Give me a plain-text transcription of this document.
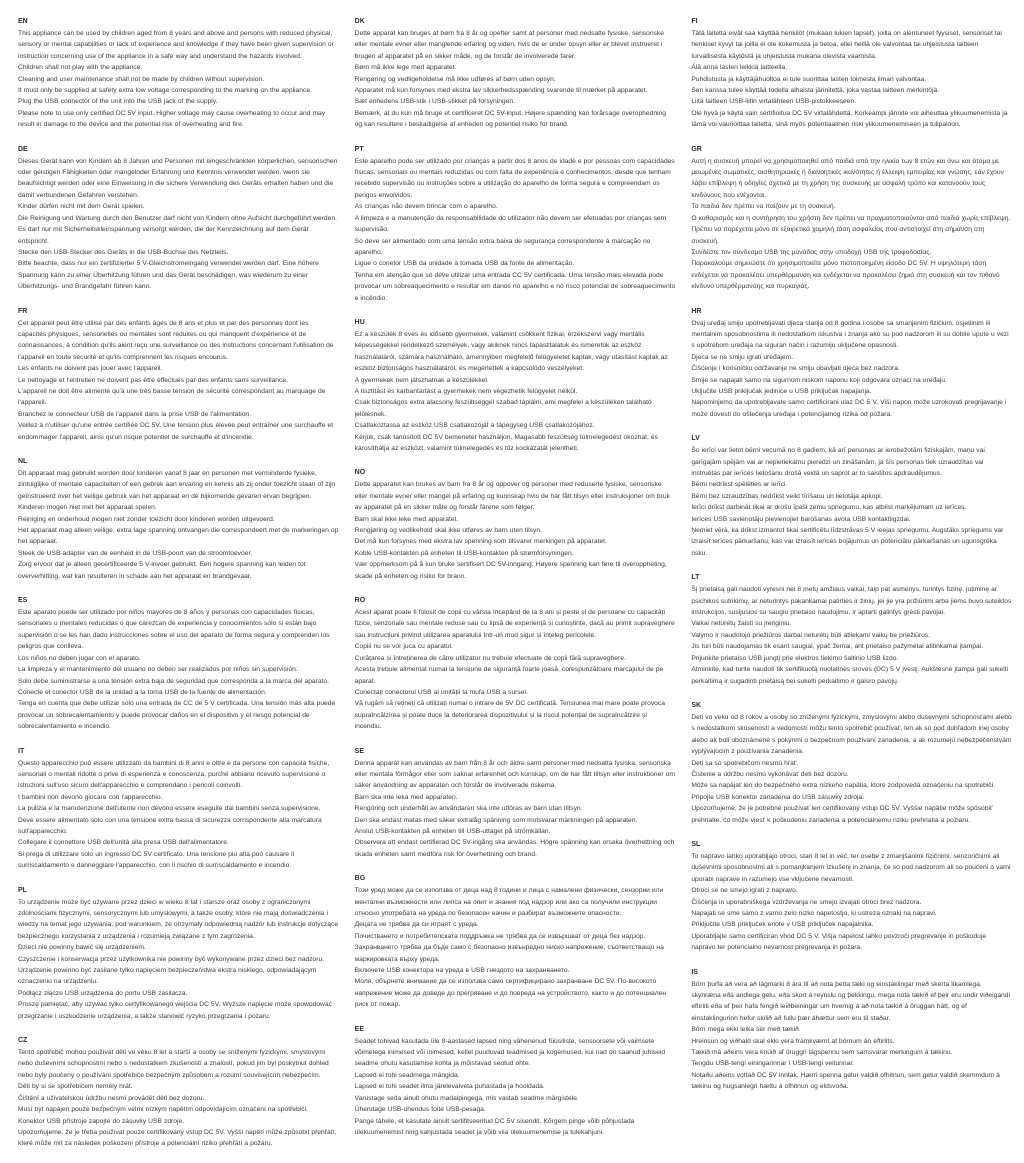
EN
This appliance can be used by children aged from 8 years and above and persons with reduced physical, sensory or mental capabilities or lack of experience and knowledge if they have been given supervision or instruction concerning use of the appliance in a safe way and understand the hazards involved.
Children shall not play with the appliance.
Cleaning and user maintenance shall not be made by children without supervision.
It must only be supplied at safety extra low voltage corresponding to the marking on the appliance.
Plug the USB connector of the unit into the USB jack of the supply.
Please note to use only certified DC 5V input. Higher voltage may cause overheating to occur and may result in damage to the device and the potential risk of overheating and fire.
DE
Dieses Gerät kann von Kindern ab 8 Jahren und Personen mit eingeschränkten körperlichen, sensorischen oder geistigen Fähigkeiten oder mangelnder Erfahrung und Kenntnis verwendet werden, wenn sie beaufsichtigt werden oder eine Einweisung in die sichere Verwendung des Geräts erhalten haben und die damit verbundenen Gefahren verstehen.
Kinder dürfen nicht mit dem Gerät spielen.
Die Reinigung und Wartung durch den Benutzer darf nicht von Kindern ohne Aufsicht durchgeführt werden.
Es darf nur mit Sicherheitskleinspannung versorgt werden, die der Kennzeichnung auf dem Gerät entspricht.
Stecke den USB-Stecker des Geräts in die USB-Buchse des Netzteils.
Bitte beachte, dass nur ein zertifizierter 5 V-Gleichstromeingang verwendet werden darf. Eine höhere Spannung kann zu einer Überhitzung führen und das Gerät beschädigen, was wiederum zu einer Überhitzungs- und Brandgefahr führen kann.
FR
Cet appareil peut être utilisé par des enfants âgés de 8 ans et plus et par des personnes dont les capacités physiques, sensorielles ou mentales sont réduites ou qui manquent d'expérience et de connaissances, à condition qu'ils aient reçu une surveillance ou des instructions concernant l'utilisation de l'appareil en toute sécurité et qu'ils comprennent les risques encourus.
Les enfants ne doivent pas jouer avec l'appareil.
Le nettoyage et l'entretien ne doivent pas être effectués par des enfants sans surveillance.
L'appareil ne doit être alimenté qu'à une très basse tension de sécurité correspondant au marquage de l'appareil.
Branchez le connecteur USB de l'appareil dans la prise USB de l'alimentation.
Veillez à n'utiliser qu'une entrée certifiée DC 5V. Une tension plus élevée peut entraîner une surchauffe et endommager l'appareil, ainsi qu'un risque potentiel de surchauffe et d'incendie.
NL
Dit apparaat mag gebruikt worden door kinderen vanaf 8 jaar en personen met verminderde fysieke, zintuiglijke of mentale capaciteiten of een gebrek aan ervaring en kennis als zij onder toezicht staan of zijn geïnstrueerd over het veilige gebruik van het apparaat en de bijkomende gevaren ervan begrijpen. Kinderen mogen niet met het apparaat spelen.
Reiniging en onderhoud mogen niet zonder toezicht door kinderen worden uitgevoerd.
Het apparaat mag alleen veilige, extra lage spanning ontvangen die correspondeert met de markeringen op het apparaat.
Steek de USB-adapter van de eenheid in de USB-poort van de stroomtoevoer.
Zorg ervoor dat je alleen gecertificeerde 5 V-invoer gebruikt. Een hogere spanning kan leiden tot oververhitting, wat kan resulteren in schade aan het apparaat en brandgevaar.
ES
Este aparato puede ser utilizado por niños mayores de 8 años y personas con capacidades físicas, sensoriales u mentales reducidas o que carezcan de experiencia y conocimientos sólo si están bajo supervisión o se les han dado instrucciones sobre el uso del aparato de forma segura y comprenden los peligros que conlleva.
Los niños no deben jugar con el aparato.
La limpieza y el mantenimiento del usuario no deben ser realizados por niños sin supervisión.
Solo debe suministrarse a una tensión extra baja de seguridad que corresponda a la marca del aparato.
Conecte el conector USB de la unidad a la toma USB de la fuente de alimentación.
Tenga en cuenta que debe utilizar solo una entrada de CC de 5 V certificada. Una tensión más alta puede provocar un sobrecalentamiento y puede provocar daños en el dispositivo y el riesgo potencial de sobrecalentamiento e incendio.
IT
Questo apparecchio può essere utilizzato da bambini di 8 anni e oltre e da persone con capacità fisiche, sensoriali o mentali ridotte o prive di esperienza e conoscenza, purché abbiano ricevuto supervisione o istruzioni sull'uso sicuro dell'apparecchio e comprendano i pericoli coinvolti.
I bambini non devono giocare con l'apparecchio.
La pulizia e la manutenzione dell'utente non devono essere eseguite dai bambini senza supervisione.
Deve essere alimentato solo con una tensione extra bassa di sicurezza corrispondente alla marcatura sull'apparecchio.
Collegare il connettore USB dell'unità alla presa USB dell'alimentatore.
Si prega di utilizzare solo un ingresso DC 5V certificato. Una tensione più alta può causare il surriscaldamento e danneggiare l'apparecchio, con il rischio di surriscaldamento e incendio.
PL
To urządzenie może być używane przez dzieci w wieku 8 lat i starsze oraz osoby z ograniczonymi zdolnościami fizycznymi, sensorycznymi lub umysłowymi, a także osoby, które nie mają doświadczenia i wiedzy na temat jego używania, pod warunkiem, że otrzymały odpowiednią nadzór lub instrukcje dotyczące bezpiecznego korzystania z urządzenia i rozumieją związane z tym zagrożenia.
Dzieci nie powinny bawić się urządzeniem.
Czyszczenie i konserwacja przez użytkownika nie powinny być wykonywane przez dzieci bez nadzoru.
Urządzenie powinno być zasilane tylko napięciem bezpieczeństwa ekstra niskiego, odpowiadającym oznaczeniu na urządzeniu.
Podłącz złącze USB urządzenia do portu USB zasilacza.
Proszę pamiętać, aby używać tylko certyfikowanego wejścia DC 5V. Wyższe napięcie może spowodować przegrzanie i uszkodzenie urządzenia, a także stanowić ryzyko przegrzania i pożaru.
CZ
Tento spotřebič mohou používat děti ve věku 8 let a starší a osoby se sníženými fyzickými, smyslovými nebo duševními schopnostmi nebo s nedostatkem zkušeností a znalostí, pokud jim byl poskytnut dohled nebo byly poučeny o používání spotřebiče bezpečným způsobem a rozumí souvisejícím nebezpečím.
Děti by si se spotřebičem neměly hrát.
Čištění a uživatelskou údržbu nesmí provádět děti bez dozoru.
Musí být napájen pouze bezpečným velmi nízkým napětím odpovídajícím označení na spotřebiči.
Konektor USB přístroje zapojte do zásuvky USB zdroje.
Upozorňujeme, že je třeba používat pouze certifikovaný vstup DC 5V. Vyšší napětí může způsobit přehřátí, které může mít za následek poškození přístroje a potenciální riziko přehřátí a požáru.
DK
Dette apparat kan bruges af børn fra 8 år og opefter samt af personer med nedsatte fysiske, sensoriske eller mentale evner eller manglende erfaring og viden, hvis de er under opsyn eller er blevet instrueret i brugen af apparatet på en sikker måde, og de forstår de involverede farer.
Børn må ikke lege med apparatet.
Rengøring og vedligeholdelse må ikke udføres af børn uden opsyn.
Apparatet må kun forsynes med ekstra lav sikkerhedsspænding svarende til mærket på apparatet.
Sæt enhedens USB-stik i USB-stikket på forsyningen.
Bemærk, at du kun må bruge et certificeret DC 5V-input. Højere spænding kan forårsage overophedning og kan resultere i beskadigelse af enheden og potentiel risiko for brand.
PT
Este aparelho pode ser utilizado por crianças a partir dos 8 anos de idade e por pessoas com capacidades físicas, sensoriais ou mentais reduzidas ou com falta de experiência e conhecimentos, desde que tenham recebido supervisão ou instruções sobre a utilização do aparelho de forma segura e compreendam os perigos envolvidos.
As crianças não devem brincar com o aparelho.
A limpeza e a manutenção da responsabilidade do utilizador não devem ser efetuadas por crianças sem supervisão.
Só deve ser alimentado com uma tensão extra baixa de segurança correspondente à marcação no aparelho.
Ligue o conetor USB da unidade à tomada USB da fonte de alimentação.
Tenha em atenção que só deve utilizar uma entrada CC 5V certificada. Uma tensão mais elevada pode provocar um sobreaquecimento e resultar em danos no aparelho e no risco potencial de sobreaquecimento e incêndio.
HU
Ez a készülék 8 éves és idősebb gyermekek, valamint csökkent fizikai, érzékszervi vagy mentális képességekkel rendelkező személyek, vagy akiknek nincs tapasztalatuk és ismeretük az eszköz használatáról, számára használható, amennyiben megfelelő felügyeletet kaptak, vagy utasítást kaptak az eszköz biztonságos használatáról, és megértették a kapcsolódó veszélyeket.
A gyermekek nem játszhatnak a készülékkel.
A tisztítást és karbantartást a gyermekek nem végezhetik felügyelet nélkül.
Csak biztonságos extra alacsony feszültséggel szabad táplálni, ami megfelel a készüléken található jelölésnek.
Csatlakoztassa az eszköz USB csatlakozóját a tápegység USB csatlakozójához.
Kérjük, csak tanúsított DC 5V bemenetet használjon. Magasabb feszültség túlmelegedést okozhat, és károsíthatja az eszközt, valamint túlmelegedés és tűz kockázatát jelentheti.
NO
Dette apparatet kan brukes av barn fra 8 år og oppover og personer med reduserte fysiske, sensoriske eller mentale evner eller mangel på erfaring og kunnskap hvis de har fått tilsyn eller instruksjoner om bruk av apparatet på en sikker måte og forstår farene som følger.
Barn skal ikke leke med apparatet.
Rengjøring og vedlikehold skal ikke utføres av barn uten tilsyn.
Det må kun forsynes med ekstra lav spenning som tilsvarer merkingen på apparatet.
Koble USB-kontakten på enheten til USB-kontakten på strømforsyningen.
Vær oppmerksom på å kun bruke sertifisert DC 5V-inngang. Høyere spenning kan føre til overoppheting, skade på enheten og risiko for brann.
RO
Acest aparat poate fi folosit de copii cu vârsta începând de la 8 ani și peste și de persoane cu capacități fizice, senzoriale sau mentale reduse sau cu lipsă de experiență și cunoștințe, dacă au primit supraveghere sau instrucțiuni privind utilizarea aparatului într-un mod sigur și înțeleg pericolele.
Copiii nu se vor juca cu aparatul.
Curățarea și întreținerea de către utilizator nu trebuie efectuate de copii fără supraveghere.
Acesta trebuie alimentat numai la tensiune de siguranță foarte joasă, corespunzătoare marcajului de pe aparat.
Conectați conectorul USB al unității la mufa USB a sursei.
Vă rugăm să rețineți că utilizați numai o intrare de 5V DC certificată. Tensiunea mai mare poate provoca supraîncălzirea și poate duce la deteriorarea dispozitivului și la riscul potențial de supraîncălzire și incendiu.
SE
Denna apparat kan användas av barn från 8 år och äldre samt personer med nedsatta fysiska, sensoriska eller mentala förmågor eller som saknar erfarenhet och kunskap, om de har fått tillsyn eller instruktioner om säker användning av apparaten och förstår de involverade riskerna.
Barn ska inte leka med apparaten.
Rengöring och underhåll av användaren ska inte utföras av barn utan tillsyn.
Den ska endast matas med säker extralåg spänning som motsvarar märkningen på apparaten.
Anslut USB-kontakten på enheten till USB-uttaget på strömkällan.
Observera att endast certifierad DC 5V-ingång ska användas. Högre spänning kan orsaka överhettning och skada enheten samt medföra risk för överhettning och brand.
BG
Този уред може да се използва от деца над 8 години и лица с намалени физически, сензорни или ментални възможности или липса на опит и знания под надзор или ако са получили инструкции относно употребата на уреда по безопасен начин и разбират възможните опасности.
Децата не трябва да си играят с уреда.
Почистването и потребителската поддръжка не трябва да се извършват от деца без надзор.
Захранването трябва да бъде само с безопасно извънредно ниско напрежение, съответстващо на маркировката върху уреда.
Включете USB конектора на уреда в USB гнездото на захранването.
Моля, обърнете внимание да се използва само сертифицирано захранване DC 5V. По-високото напрежение може да доведе до прегряване и до повреда на устройството, както и до потенциален риск от пожар.
EE
Seadet tohivad kasutada üle 8-aastased lapsed ning vähenenud füüsiliste, sensoorsete või vaimsete võimetega inimesed või inimesed, kellel puuduvad teadmised ja kogemused, kui nad on saanud juhiseid seadme ohutu kasutamise kohta ja mõistavad seotud ohte.
Lapsed ei tohi seadmega mängida.
Lapsed ei tohi seadet ilma järelevalveta puhastada ja hooldada.
Varustage seda ainult ohutu madalpingega, mis vastab seadme märgistele.
Ühendage USB-ühendus toite USB-pesaga.
Pange tähele, et kasutate ainult sertifitseeritud DC 5V sisendit. Kõrgem pinge võib põhjustada ülekuumenemist ning kahjustada seadet ja võib viia ülekuumenemise ja tulekahjuni.
FI
Tätä laitetta eivät saa käyttää henkilöt (mukaan lukien lapset), joilla on alentuneet fyysiset, sensoriset tai henkiset kyvyt tai joilla ei ole kokemusta ja tietoa, ellei heillä ole valvontaa tai ohjeistusta laitteen turvallisesta käytöstä ja ohjeistusta mukana olevista vaaroista.
Älä anna lasten leikkiä laitteella.
Puhdistusta ja käyttäjähuoltoa ei tule suorittaa lasten toimesta ilman valvontaa.
Sen kanssa tulee käyttää todella alhaista jännitettä, joka vastaa laitteen merkintöjä.
Liitä laitteen USB-liitin virtalähteen USB-pistokkeeseen.
Ole hyvä ja käytä vain sertifioitua DC 5V virtalähdettä. Korkeampi jännite voi aiheuttaa ylikuumenemista ja tämä voi vaurioittaa laitetta, sinä myös potentiaalinen riski ylikuumenemiseen ja tulipaloon.
GR
Αυτή η συσκευή μπορεί να χρησιμοποιηθεί από παιδιά από την ηλικία των 8 ετών και άνω και άτομα με μειωμένες σωματικές, αισθητηριακές ή διανοητικές ικανότητες ή έλλειψη εμπειρίας και γνώσης, εάν έχουν λάβει επίβλεψη ή οδηγίες σχετικά με τη χρήση της συσκευής με ασφαλή τρόπο και κατανοούν τους κινδύνους που ενέχονται.
Τα παιδιά δεν πρέπει να παίζουν με τη συσκευή.
Ο καθαρισμός και η συντήρηση του χρήστη δεν πρέπει να πραγματοποιούνται από παιδιά χωρίς επίβλεψη.
Πρέπει να παρέχεται μόνο σε εξαιρετικά χαμηλή τάση ασφαλείας που αντιστοιχεί στη σήμανση στη συσκευή.
Συνδέστε τον σύνδεσμο USB της μονάδας στην υποδοχή USB της τροφοδοσίας.
Παρακαλούμε σημειώστε ότι χρησιμοποιείτε μόνο πιστοποιημένη είσοδο DC 5V. Η υψηλότερη τάση ενδέχεται να προκαλέσει υπερθέρμανση και ενδέχεται να προκαλέσει ζημιά στη συσκευή και τον πιθανό κίνδυνο υπερθέρμανσης και πυρκαγιάς.
HR
Ovaj uređaj smiju upotrebljavati djeca starija od 8 godina i osobe sa smanjenim fizičkim, osjetilnim ili mentalnim sposobnostima ili nedostatkom iskustva i znanja ako su pod nadzorom ili su dobile upute u vezi s upotrebom uređaja na siguran način i razumiju uključene opasnosti.
Djeca se ne smiju igrati uređajem.
Čišćenje i korisničko održavanje ne smiju obavljati djeca bez nadzora.
Smije se napajati samo na sigurnom niskom naponu koji odgovara oznaci na uređaju.
Uključite USB priključak jedinice u USB priključak napajanja.
Napominjemo da upotrebljavate samo certificirani ulaz DC 5 V. Viši napon može uzrokovati pregrijavanje i može dovesti do oštećenja uređaja i potencijalnog rizika od požara.
LV
Šo ierīci var lietot bērni vecumā no 8 gadiem, kā arī personas ar ierobežotām fiziskajām, maņu vai garīgajām spējām vai ar nepietiekamu pieredzi un zināšanām, ja šīs personas tiek uzraudzītas vai instruētas par ierīces lietošanu drošā veidā un saprot ar to saistītos apdraudējumus.
Bērni nedrīkst spēlēties ar ierīci.
Bērni bez uzraudzības nedrīkst veikt tīrīšanu un lietotāja apkopi.
Ierīci drīkst darbināt tikai ar drošu īpaši zemu spriegumu, kas atbilst marķējumam uz ierīces.
Ierīces USB savienotāju pievienojiet barošanas avota USB kontaktligzdai.
Ņemiet vērā, ka drīkst izmantot tikai sertificētu līdzstrāvas 5 V ieejas spriegumu. Augstāks spriegums var izraisīt ierīces pārkaršanu, kas var izraisīt ierīces bojājumus un potenciālu pārkaršanas un ugunsgrēka risku.
LT
Šį prietaisą gali naudoti vyresni nei 8 metų amžiaus vaikai, taip pat asmenys, turintys fizinę, jutiminę ar psichikos sutrikimų, ar neturintys pakankamai patirties ir žinių, jei jie yra prižiūrimi arba jiems buvo suteiktos instrukcijos, susijusios su saugiu prietaiso naudojimu, ir aptarti galintys grėsti pavojai.
Vaikai neturėtų žaisti su įrenginiu.
Valymo ir naudotojo priežiūros darbai neturėtų būti atliekami vaikų be priežiūros.
Jis turi būti naudojamas tik esant saugiai, ypač žemai, ant prietaiso pažymėtai atitinkamai įtampai.
Prijunkite prietaiso USB jungtį prie elektros tiekimo šaltinio USB lizdo.
Atminkite, kad turite naudoti tik sertifikuotą nuolatinės srovės (DC) 5 V įvestį. Aukštesnė įtampa gali sukelti perkaitimą ir sugadinti prietaisą bei sukelti perkaitimo ir gaisro pavojų.
SK
Deti vo veku od 8 rokov a osoby so zníženými fyzickými, zmyslovými alebo duševnými schopnosťami alebo s nedostatkom skúseností a vedomostí môžu tento spotrebič používať, len ak sú pod dohľadom inej osoby alebo ak boli oboznámené s pokynmi o bezpečnom používaní zariadenia, a ak rozumejú nebezpečenstvám vyplývajúcim z používania zariadenia.
Deti sa so spotrebičom nesmú hrať.
Čistenie a údržbu nesmú vykonávať deti bez dozoru.
Môže sa napájať len do bezpečného extra nízkeho napätia, ktoré zodpovedá označeniu na spotrebiči.
Pripojte USB konektor zariadenia do USB zásuvky zdroja.
Upozorňujeme, že je potrebné používať len certifikovaný vstup DC 5V. Vyššie napätie môže spôsobiť prehriatie, čo môže viesť k poškodeniu zariadenia a potenciálnemu riziku prehriatia a požiaru.
SL
To napravo lahko uporabljajo otroci, stari 8 let in več, ter osebe z zmanjšanimi fizičnimi, senzoričnimi ali duševnimi sposobnostmi ali s pomanjkanjem izkušenj in znanja, če so pod nadzorom ali so poučeni o varni uporabi naprave in razumejo vse vključene nevarnosti.
Otroci se ne smejo igrati z napravo.
Čiščenja in uporabniškega vzdrževanja ne smejo izvajati otroci brez nadzora.
Napajati se sme samo z varno zelo nizko napetostjo, ki ustreza oznaki na napravi.
Priključite USB priključek enote v USB priključek napajalnika.
Uporabljajte samo certificiran vhod DC 5 V. Višja napetost lahko povzroči pregrevanje in poškoduje napravo ter potencialno nevarnost pregrevanja in požara.
IS
Börn þurfa að vera að lágmarki 8 ára til að nota þetta tæki og einstaklingar með skerta líkamlega, skynræna eða andlega getu, eða skort á reynslu og þekkingu, mega nota tækið ef þeir eru undir viðeigandi eftirliti eða ef þeir hafa fengið leiðbeiningar um hvernig á að nota tækið á öruggan hátt, og ef einstaklingurinn hefur skilið að fullu þær áhættur sem eru til staðar.
Börn mega ekki leika sér með tækið.
Hreinsun og viðhald skal ekki vera framkvæmt af börnum án eftirlits.
Tækið má aðeins vera knúið af öruggri lágspennu sem samsvarar merkingum á tækinu.
Tengdu USB-tengi einingarinnar í USB-tengi veitunnar.
Notaðu aðeins vottað DC 5V inntak. Hærri spenna getur valdið ofhitnun, sem getur valdið skemmdum á tækinu og hugsanlegri hættu á ofhitnun og eldsvoða.
